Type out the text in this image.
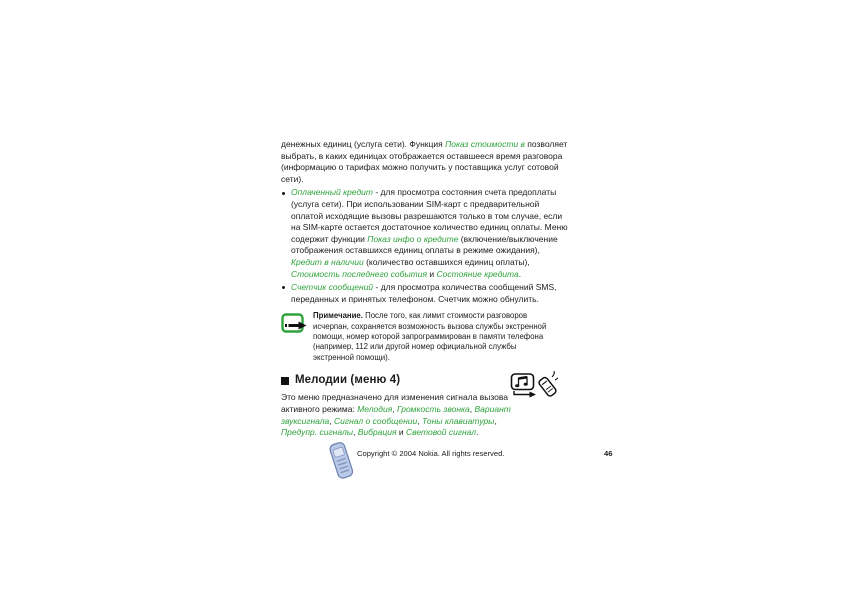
денежных единиц (услуга сети). Функция Показ стоимости в позволяет выбрать, в каких единицах отображается оставшееся время разговора (информацию о тарифах можно получить у поставщика услуг сотовой сети).

Оплаченный кредит - для просмотра состояния счета предоплаты (услуга сети). При использовании SIM-карт с предварительной оплатой исходящие вызовы разрешаются только в том случае, если на SIM-карте остается достаточное количество единиц оплаты. Меню содержит функции Показ инфо о кредите (включение/выключение отображения оставшихся единиц оплаты в режиме ожидания), Кредит в наличии (количество оставшихся единиц оплаты), Стоимость последнего события и Состояние кредита.
Счетчик сообщений - для просмотра количества сообщений SMS, переданных и принятых телефоном. Счетчик можно обнулить.

Примечание. После того, как лимит стоимости разговоров исчерпан, сохраняется возможность вызова службы экстренной помощи, номер которой запрограммирован в памяти телефона (например, 112 или другой номер официальной службы экстренной помощи).

Мелодии (меню 4)

Это меню предназначено для изменения сигнала вызова активного режима: Мелодия, Громкость звонка, Вариант звуксигнала, Сигнал о сообщении, Тоны клавиатуры, Предупр. сигналы, Вибрация и Световой сигнал.

Copyright © 2004 Nokia. All rights reserved.	46
